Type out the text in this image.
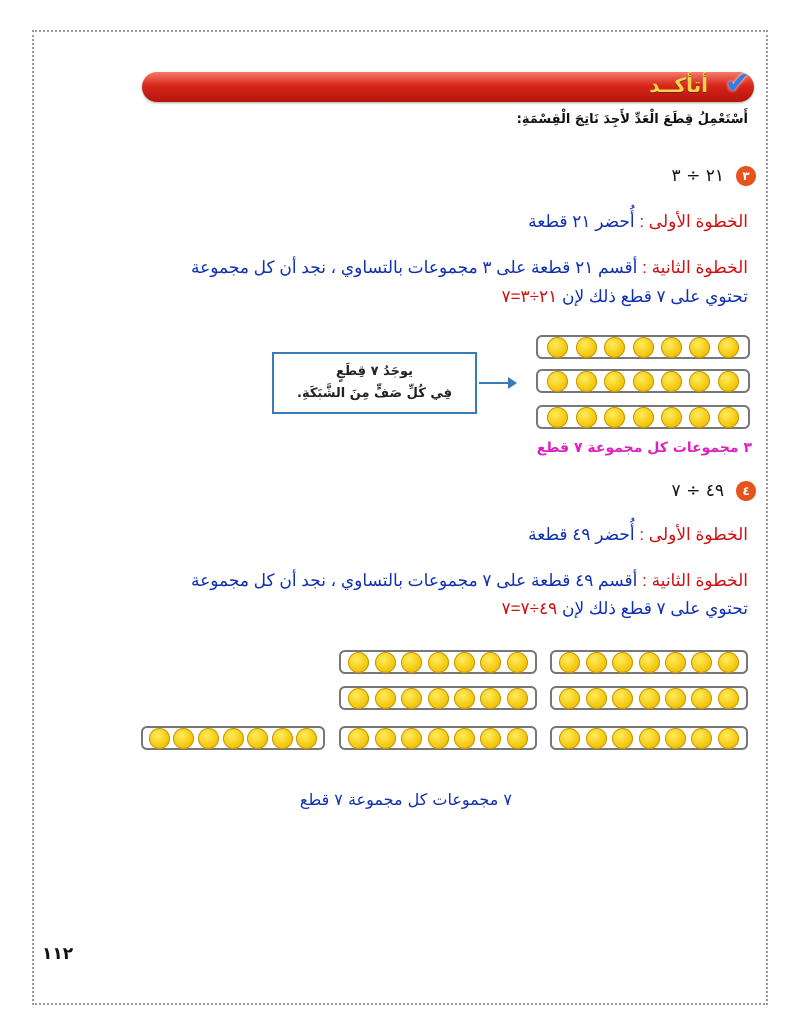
أتأكــد ✔
أَسْتَعْمِلُ قِطَعَ الْعَدِّ لأَجِدَ نَاتِجَ الْقِسْمَةِ:
٣
٢١ ÷ ٣
الخطوة الأولى : أُحضر ٢١ قطعة
الخطوة الثانية : أقسم ٢١ قطعة على ٣ مجموعات بالتساوي ، نجد أن كل مجموعة
تحتوي على ٧ قطع ذلك لإن ٢١÷٣=٧
يوجَدُ ٧ قِطَعٍ
فِي كُلِّ صَفٍّ مِنَ الشَّبَكَةِ.
٣ مجموعات كل مجموعة ٧ قطع
٤
٤٩ ÷ ٧
الخطوة الأولى : أُحضر ٤٩ قطعة
الخطوة الثانية : أقسم ٤٩ قطعة على ٧ مجموعات بالتساوي ، نجد أن كل مجموعة
تحتوي على ٧ قطع ذلك لإن ٤٩÷٧=٧
٧ مجموعات كل مجموعة ٧ قطع
١١٢
